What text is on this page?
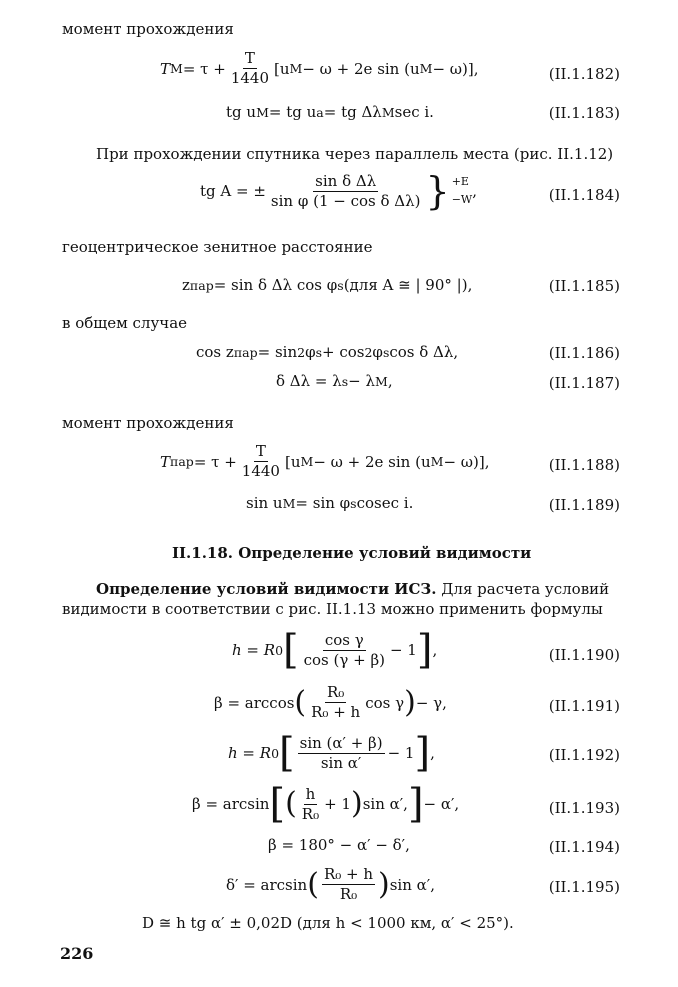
момент прохождения
T $M = \tau + \frac{T}{1440} [u$ M − ω + 2e sin (u M − ω)],	(II.1.182)
tg u M = tg u a = tg Δλ M sec i.	(II.1.183)
При прохождении спутника через параллель места (рис. II.1.12)
tg A = ± $\frac{\text{sin δ Δλ}}{\text{sin φ (1 − cos δ Δλ)}}$ } +E
−W ,	(II.1.184)
геоцентрическое зенитное расстояние
z пар = sin δ Δλ cos φ s (для A ≅ | 90° |),	(II.1.185)
в общем случае
cos z пар = sin 2 φ s + cos 2 φ s cos δ Δλ,	(II.1.186)
δ Δλ = λ s − λ M ,	(II.1.187)
момент прохождения
T пар = $\tau + \frac{T}{1440} [u$ M − ω + 2e sin (u M − ω)],	(II.1.188)
sin u M = sin φ s cosec i.	(II.1.189)
II.1.18. Определение условий видимости
Определение условий видимости ИСЗ. Для расчета условий
видимости в соответствии с рис. II.1.13 можно применить формулы
h = R 0 [ $\frac{\text{cos γ}}{\cos (\gamma + \beta)} - 1$ ] ,	(II.1.190)
β = arccos ( $\frac{\text{R₀}}{\text{R₀ + h}}$ cos γ ) − γ,	(II.1.191)
h = R 0 [ $\frac{\sin (\alpha' + \beta)}{\text{sin α′}} - 1$ ] ,	(II.1.192)
β = arcsin [ ( $\frac{h}{\text{R₀}} + 1$ ) sin α′, ] − α′,	(II.1.193)
β = 180° − α′ − δ′,	(II.1.194)
δ′ = arcsin ( $\frac{\text{R₀ + h}}{\text{R₀}}$ ) sin α′,	(II.1.195)
D ≅ h tg α′ ± 0,02D (для h < 1000 км, α′ < 25°).
226
